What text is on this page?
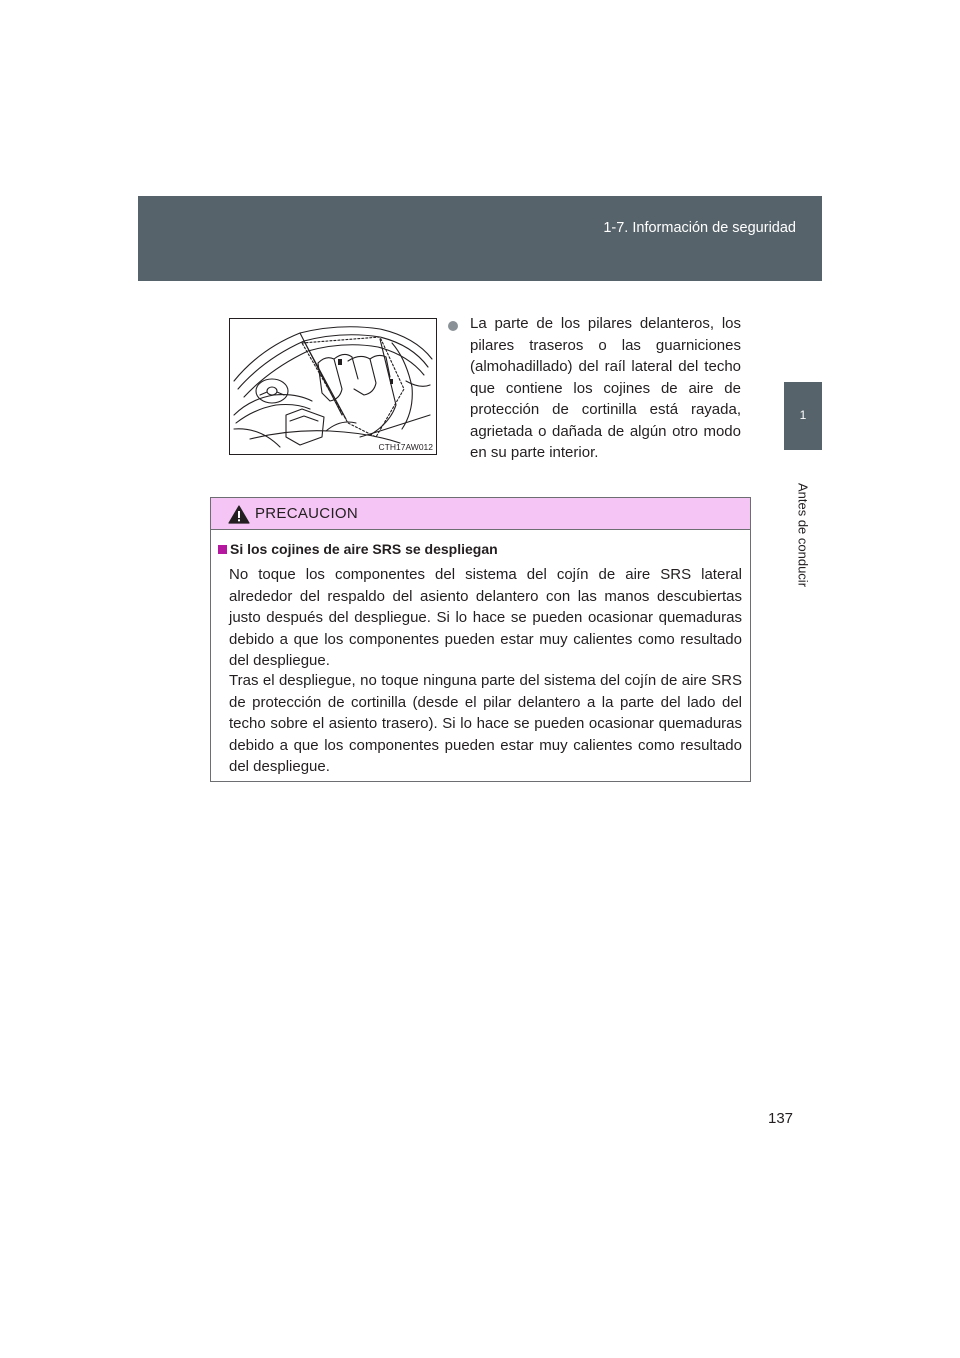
1-7. Información de seguridad
1
Antes de conducir
CTH17AW012
La parte de los pilares delanteros, los pilares traseros o las guarniciones (almohadillado) del raíl lateral del techo que contiene los cojines de aire de protección de cortinilla está rayada, agrietada o dañada de algún otro modo en su parte interior.
PRECAUCION
Si los cojines de aire SRS se despliegan
No toque los componentes del sistema del cojín de aire SRS lateral alrededor del respaldo del asiento delantero con las manos descubiertas justo después del despliegue. Si lo hace se pueden ocasionar quemaduras debido a que los componentes pueden estar muy calientes como resultado del despliegue.
Tras el despliegue, no toque ninguna parte del sistema del cojín de aire SRS de protección de cortinilla (desde el pilar delantero a la parte del lado del techo sobre el asiento trasero). Si lo hace se pueden ocasionar quemaduras debido a que los componentes pueden estar muy calientes como resultado del despliegue.
137
